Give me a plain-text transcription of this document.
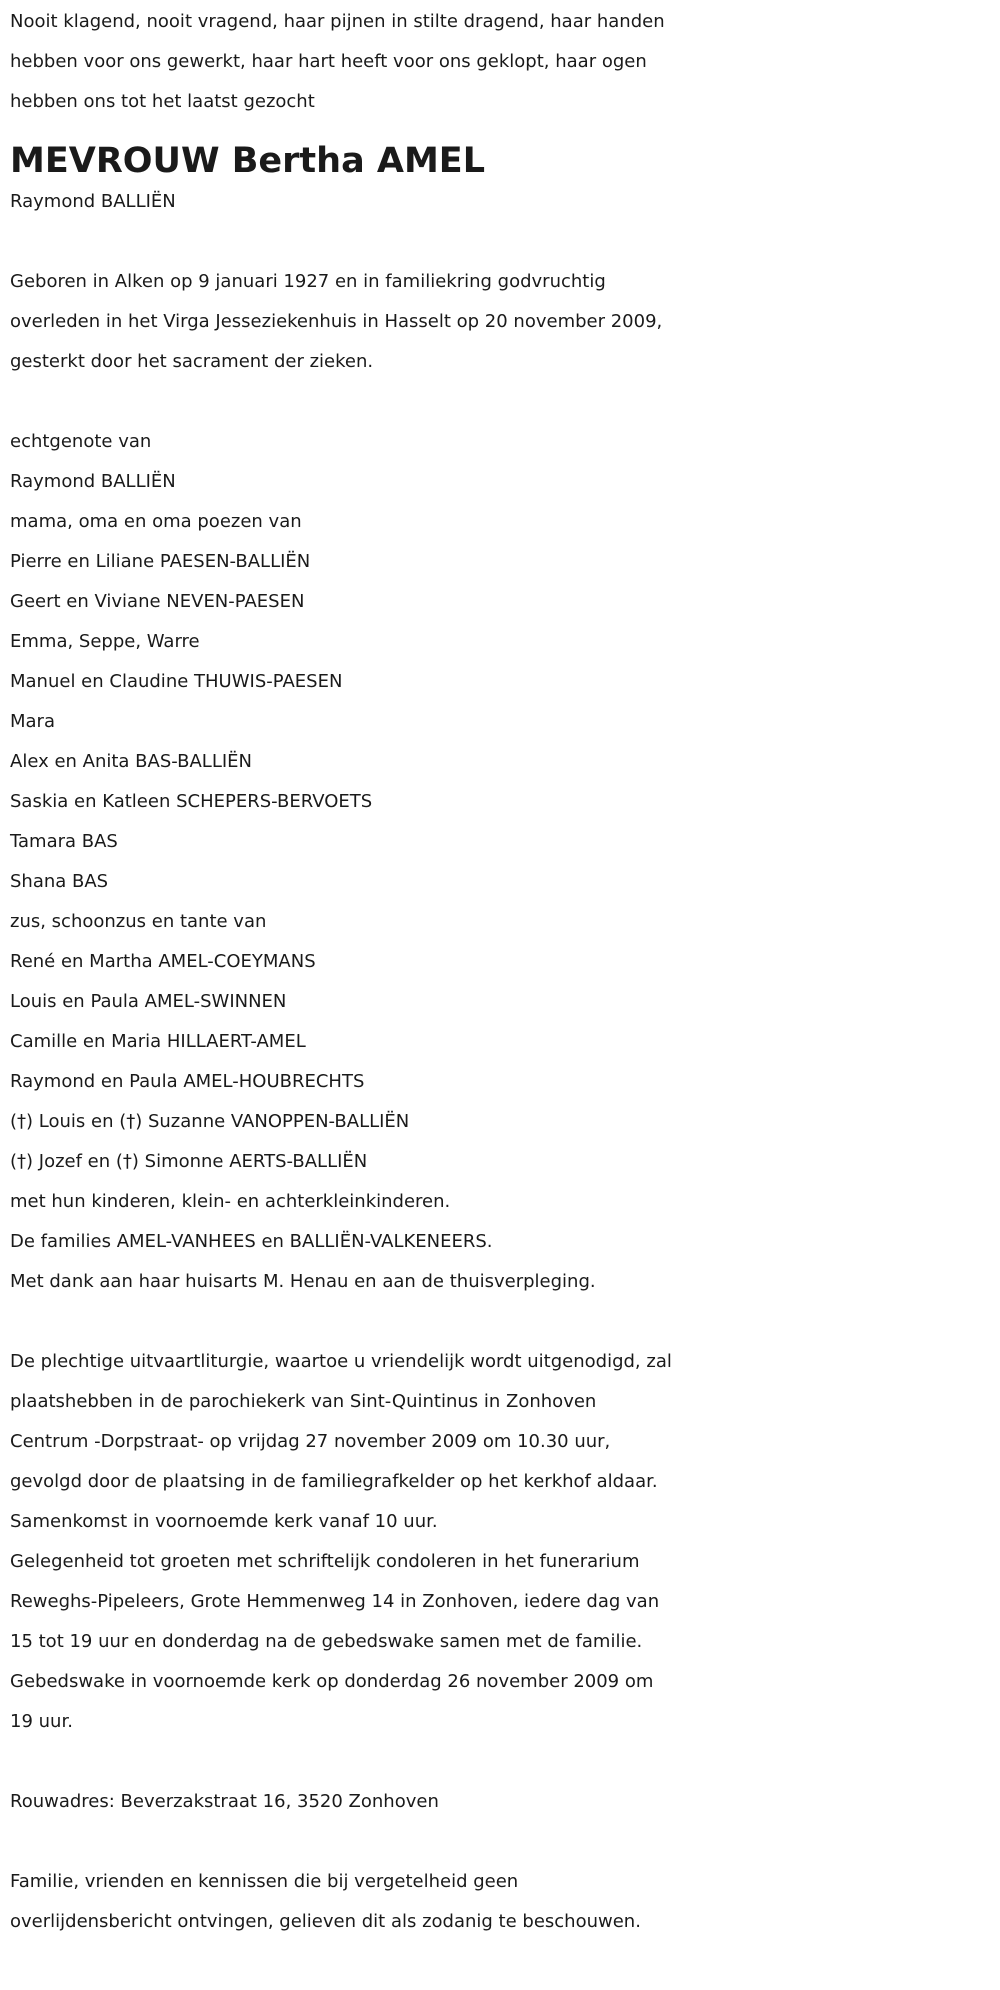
Nooit klagend, nooit vragend, haar pijnen in stilte dragend, haar handen
hebben voor ons gewerkt, haar hart heeft voor ons geklopt, haar ogen
hebben ons tot het laatst gezocht
MEVROUW Bertha AMEL
Raymond BALLIËN
Geboren in Alken op 9 januari 1927 en in familiekring godvruchtig
overleden in het Virga Jesseziekenhuis in Hasselt op 20 november 2009,
gesterkt door het sacrament der zieken.
echtgenote van
Raymond BALLIËN
mama, oma en oma poezen van
Pierre en Liliane PAESEN-BALLIËN
Geert en Viviane NEVEN-PAESEN
Emma, Seppe, Warre
Manuel en Claudine THUWIS-PAESEN
Mara
Alex en Anita BAS-BALLIËN
Saskia en Katleen SCHEPERS-BERVOETS
Tamara BAS
Shana BAS
zus, schoonzus en tante van
René en Martha AMEL-COEYMANS
Louis en Paula AMEL-SWINNEN
Camille en Maria HILLAERT-AMEL
Raymond en Paula AMEL-HOUBRECHTS
(†) Louis en (†) Suzanne VANOPPEN-BALLIËN
(†) Jozef en (†) Simonne AERTS-BALLIËN
met hun kinderen, klein- en achterkleinkinderen.
De families AMEL-VANHEES en BALLIËN-VALKENEERS.
Met dank aan haar huisarts M. Henau en aan de thuisverpleging.
De plechtige uitvaartliturgie, waartoe u vriendelijk wordt uitgenodigd, zal
plaatshebben in de parochiekerk van Sint-Quintinus in Zonhoven
Centrum -Dorpstraat- op vrijdag 27 november 2009 om 10.30 uur,
gevolgd door de plaatsing in de familiegrafkelder op het kerkhof aldaar.
Samenkomst in voornoemde kerk vanaf 10 uur.
Gelegenheid tot groeten met schriftelijk condoleren in het funerarium
Reweghs-Pipeleers, Grote Hemmenweg 14 in Zonhoven, iedere dag van
15 tot 19 uur en donderdag na de gebedswake samen met de familie.
Gebedswake in voornoemde kerk op donderdag 26 november 2009 om
19 uur.
Rouwadres: Beverzakstraat 16, 3520 Zonhoven
Familie, vrienden en kennissen die bij vergetelheid geen
overlijdensbericht ontvingen, gelieven dit als zodanig te beschouwen.
